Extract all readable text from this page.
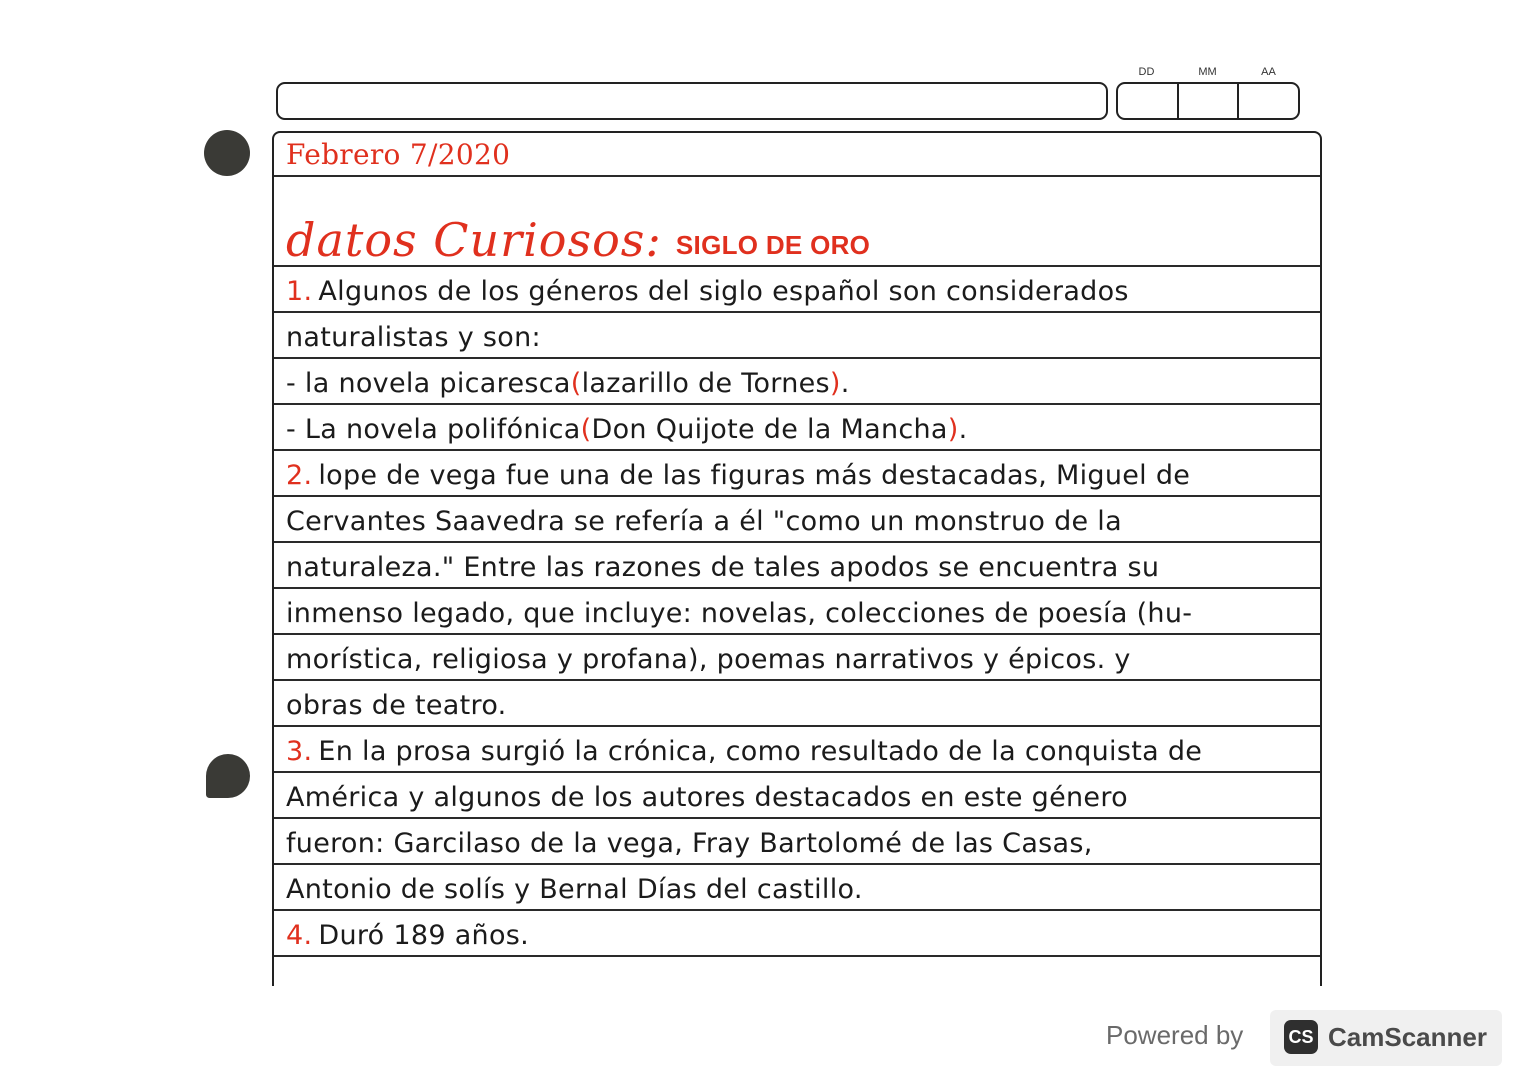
DD	MM	AA
Febrero 7/2020
datos Curiosos: SIGLO DE ORO
1. Algunos de los géneros del siglo español son considerados
naturalistas y son:
- la novela picaresca ( lazarillo de Tornes ) .
- La novela polifónica ( Don Quijote de la Mancha ) .
2. lope de vega fue una de las figuras más destacadas, Miguel de
Cervantes Saavedra se refería a él "como un monstruo de la
naturaleza." Entre las razones de tales apodos se encuentra su
inmenso legado, que incluye: novelas, colecciones de poesía (hu-
morística, religiosa y profana), poemas narrativos y épicos. y
obras de teatro.
3. En la prosa surgió la crónica, como resultado de la conquista de
América y algunos de los autores destacados en este género
fueron: Garcilaso de la vega, Fray Bartolomé de las Casas,
Antonio de solís y Bernal Días del castillo.
4. Duró 189 años.
Powered by	CS CamScanner
